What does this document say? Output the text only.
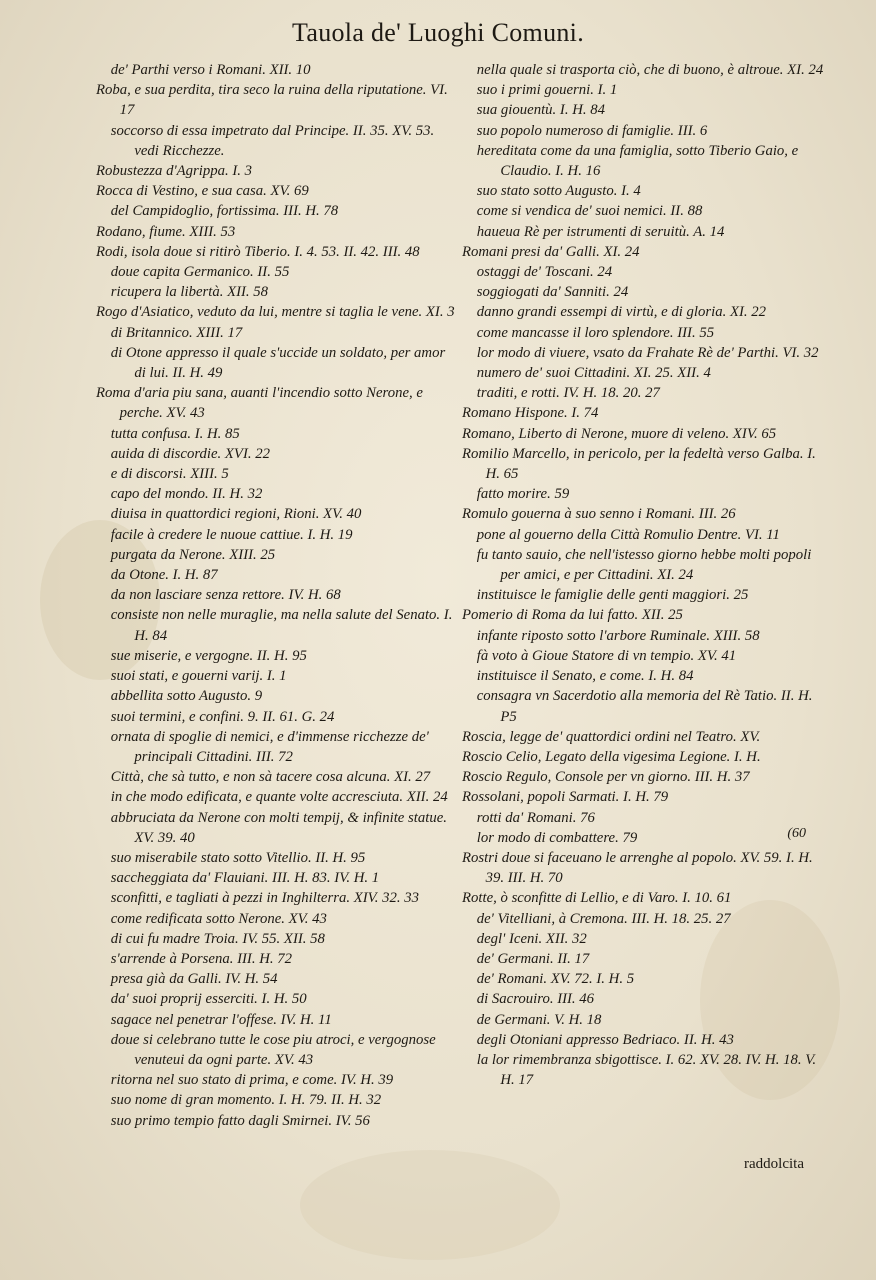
Tauola de' Luoghi Comuni.
de' Parthi verso i Romani. XII. 10
Roba, e sua perdita, tira seco la ruina della riputatione. VI. 17
soccorso di essa impetrato dal Principe. II. 35. XV. 53. vedi Ricchezze.
Robustezza d'Agrippa. I. 3
Rocca di Vestino, e sua casa. XV. 69
del Campidoglio, fortissima. III. H. 78
Rodano, fiume. XIII. 53
Rodi, isola doue si ritirò Tiberio. I. 4. 53. II. 42. III. 48
doue capita Germanico. II. 55
ricupera la libertà. XII. 58
Rogo d'Asiatico, veduto da lui, mentre si taglia le vene. XI. 3
di Britannico. XIII. 17
di Otone appresso il quale s'uccide un soldato, per amor di lui. II. H. 49
Roma d'aria piu sana, auanti l'incendio sotto Nerone, e perche. XV. 43
tutta confusa. I. H. 85
auida di discordie. XVI. 22
e di discorsi. XIII. 5
capo del mondo. II. H. 32
diuisa in quattordici regioni, Rioni. XV. 40
facile à credere le nuoue cattiue. I. H. 19
purgata da Nerone. XIII. 25
da Otone. I. H. 87
da non lasciare senza rettore. IV. H. 68
consiste non nelle muraglie, ma nella salute del Senato. I. H. 84
sue miserie, e vergogne. II. H. 95
suoi stati, e gouerni varij. I. 1
abbellita sotto Augusto. 9
suoi termini, e confini. 9. II. 61. G. 24
ornata di spoglie di nemici, e d'immense ricchezze de' principali Cittadini. III. 72
Città, che sà tutto, e non sà tacere cosa alcuna. XI. 27
in che modo edificata, e quante volte accresciuta. XII. 24
abbruciata da Nerone con molti tempij, & infinite statue. XV. 39. 40
suo miserabile stato sotto Vitellio. II. H. 95
saccheggiata da' Flauiani. III. H. 83. IV. H. 1
sconfitti, e tagliati à pezzi in Inghilterra. XIV. 32. 33
come redificata sotto Nerone. XV. 43
di cui fu madre Troia. IV. 55. XII. 58
s'arrende à Porsena. III. H. 72
presa già da Galli. IV. H. 54
da' suoi proprij esserciti. I. H. 50
sagace nel penetrar l'offese. IV. H. 11
doue si celebrano tutte le cose piu atroci, e vergognose venuteui da ogni parte. XV. 43
ritorna nel suo stato di prima, e come. IV. H. 39
suo nome di gran momento. I. H. 79. II. H. 32
suo primo tempio fatto dagli Smirnei. IV. 56
nella quale si trasporta ciò, che di buono, è altroue. XI. 24
suo i primi gouerni. I. 1
sua giouentù. I. H. 84
suo popolo numeroso di famiglie. III. 6
hereditata come da una famiglia, sotto Tiberio Gaio, e Claudio. I. H. 16
suo stato sotto Augusto. I. 4
come si vendica de' suoi nemici. II. 88
haueua Rè per istrumenti di seruitù. A. 14
Romani presi da' Galli. XI. 24
ostaggi de' Toscani. 24
soggiogati da' Sanniti. 24
danno grandi essempi di virtù, e di gloria. XI. 22
come mancasse il loro splendore. III. 55
lor modo di viuere, vsato da Frahate Rè de' Parthi. VI. 32
numero de' suoi Cittadini. XI. 25. XII. 4
traditi, e rotti. IV. H. 18. 20. 27
Romano Hispone. I. 74
Romano, Liberto di Nerone, muore di veleno. XIV. 65
Romilio Marcello, in pericolo, per la fedeltà verso Galba. I. H. 65
fatto morire. 59
Romulo gouerna à suo senno i Romani. III. 26
pone al gouerno della Città Romulio Dentre. VI. 11
fu tanto sauio, che nell'istesso giorno hebbe molti popoli per amici, e per Cittadini. XI. 24
instituisce le famiglie delle genti maggiori. 25
Pomerio di Roma da lui fatto. XII. 25
infante riposto sotto l'arbore Ruminale. XIII. 58
fà voto à Gioue Statore di vn tempio. XV. 41
instituisce il Senato, e come. I. H. 84
consagra vn Sacerdotio alla memoria del Rè Tatio. II. H. P5
Roscia, legge de' quattordici ordini nel Teatro. XV.
Roscio Celio, Legato della vigesima Legione. I. H.
Roscio Regulo, Console per vn giorno. III. H. 37
Rossolani, popoli Sarmati. I. H. 79
rotti da' Romani. 76
lor modo di combattere. 79
Rostri doue si faceuano le arrenghe al popolo. XV. 59. I. H. 39. III. H. 70
Rotte, ò sconfitte di Lellio, e di Varo. I. 10. 61
de' Vitelliani, à Cremona. III. H. 18. 25. 27
degl' Iceni. XII. 32
de' Germani. II. 17
de' Romani. XV. 72. I. H. 5
di Sacrouiro. III. 46
de Germani. V. H. 18
degli Otoniani appresso Bedriaco. II. H. 43
la lor rimembranza sbigottisce. I. 62. XV. 28. IV. H. 18. V. H. 17
(60
raddolcita
